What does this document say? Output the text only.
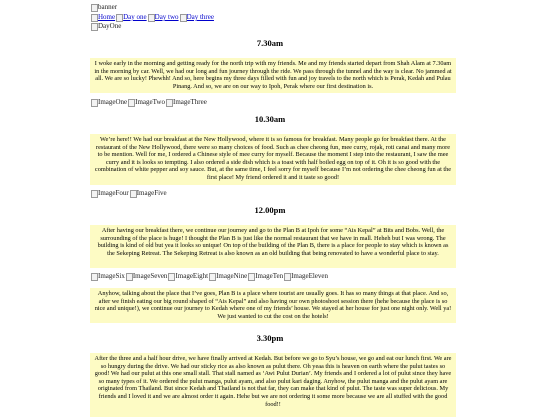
banner
Home Day one Day two Day three
DayOne
7.30am
I woke early in the morning and getting ready for the north trip with my friends. Me and my friends started depart from Shah Alam at 7.30am in the morning by car. Well, we had our long and fun journey through the ride. We pass through the tunnel and the way is clear. No jammed at all. We are so lucky! Phewhh! And so, here begins my three days filled with fun and joy travels to the north which is Perak, Kedah and Pulau Pinang. And so, we are on our way to Ipoh, Perak where our first destination is.
ImageOne ImageTwo ImageThree
10.30am
We’re here!! We had our breakfast at the New Hollywood, where it is so famous for breakfast. Many people go for breakfast there. At the restaurant of the New Hollywood, there were so many choices of food. Such as chee cheong fun, mee curry, rojak, roti canai and many more to be mention. Well for me, I ordered a Chinese style of mee curry for myself. Because the moment I step into the restaurant, I saw the mee curry and it is looks so tempting. I also ordered a side dish which is a toast with half boiled egg on top of it. Oh it is so good with the combination of white pepper and soy sauce. But, at the same time, I feel sorry for myself because I’m not ordering the chee cheong fun at the first place! My friend ordered it and it taste so good!
ImageFour ImageFive
12.00pm
After having our breakfast there, we continue our journey and go to the Plan B at Ipoh for some “Ais Kepal” at Bits and Bobs. Well, the surrounding of the place is huge! I thought the Plan B is just like the normal restaurant that we have in mall. Heheh but I was wrong. The building is kind of old but yea it looks so unique! On top of the building of the Plan B, there is a place for people to stay which is known as the Sekeping Retreat. The Sekeping Retreat is also known as an old building that being renovated to have a wonderful place to stay.
ImageSix ImageSeven ImageEight ImageNine ImageTen ImageEleven
Anyhow, talking about the place that I’ve goes, Plan B is a place where tourist are usually goes. It has so many things at that place. And so, after we finish eating our big round shaped of “Ais Kepal” and also having our own photoshoot session there (hehe because the place is so nice and unique!), we continue our journey to Kedah where one of my friends’ house. We stayed at her house for just one night only. Well ya! We just wanted to cut the cost on the hotels!
3.30pm
After the three and a half hour drive, we have finally arrived at Kedah. But before we go to Syu’s house, we go and eat our lunch first. We are so hungry during the drive. We had our sticky rice as also known as pulut there. Oh yeaa this is heaven on earth where the pulut tastes so good! We had our pulut at this one small stall. That stall named as ‘Awi Pulut Durian’. My friends and I ordered a lot of pulut since they have so many types of it. We ordered the pulut manga, pulut ayam, and also pulut kari daging. Anyhow, the pulut manga and the pulut ayam are originated from Thailand. But since Kedah and Thailand is not that far, they can make that kind of pulut. The taste was super delicious. My friends and I loved it and we are almost order it again. Hehe but we are not ordering it some more because we are all stuffed with the good food!!
